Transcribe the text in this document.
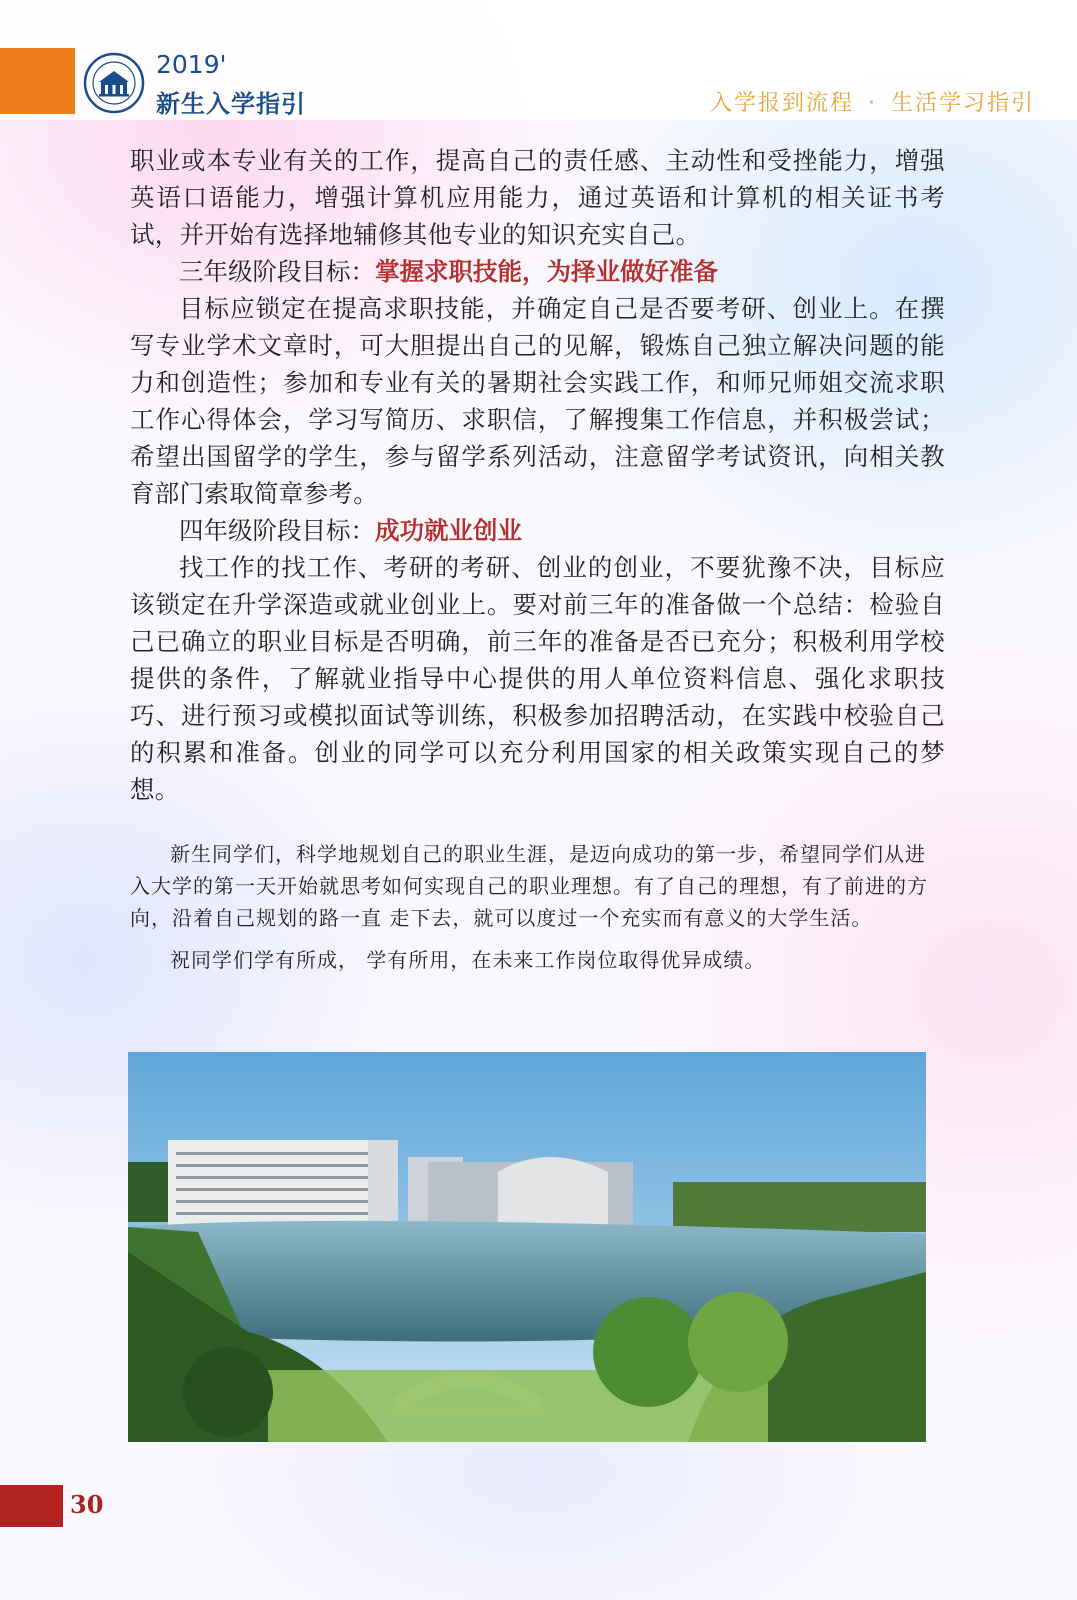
2019'
新生入学指引	入学报到流程 · 生活学习指引

职业或本专业有关的工作，提高自己的责任感、主动性和受挫能力，增强英语口语能力，增强计算机应用能力，通过英语和计算机的相关证书考试，并开始有选择地辅修其他专业的知识充实自己。

三年级阶段目标：掌握求职技能，为择业做好准备

目标应锁定在提高求职技能，并确定自己是否要考研、创业上。在撰写专业学术文章时，可大胆提出自己的见解，锻炼自己独立解决问题的能力和创造性；参加和专业有关的暑期社会实践工作，和师兄师姐交流求职工作心得体会，学习写简历、求职信，了解搜集工作信息，并积极尝试；希望出国留学的学生，参与留学系列活动，注意留学考试资讯，向相关教育部门索取简章参考。

四年级阶段目标：成功就业创业

找工作的找工作、考研的考研、创业的创业，不要犹豫不决，目标应该锁定在升学深造或就业创业上。要对前三年的准备做一个总结：检验自己已确立的职业目标是否明确，前三年的准备是否已充分；积极利用学校提供的条件，了解就业指导中心提供的用人单位资料信息、强化求职技巧、进行预习或模拟面试等训练，积极参加招聘活动，在实践中校验自己的积累和准备。创业的同学可以充分利用国家的相关政策实现自己的梦想。

新生同学们，科学地规划自己的职业生涯，是迈向成功的第一步，希望同学们从进入大学的第一天开始就思考如何实现自己的职业理想。有了自己的理想，有了前进的方向，沿着自己规划的路一直 走下去，就可以度过一个充实而有意义的大学生活。

祝同学们学有所成， 学有所用，在未来工作岗位取得优异成绩。

30
